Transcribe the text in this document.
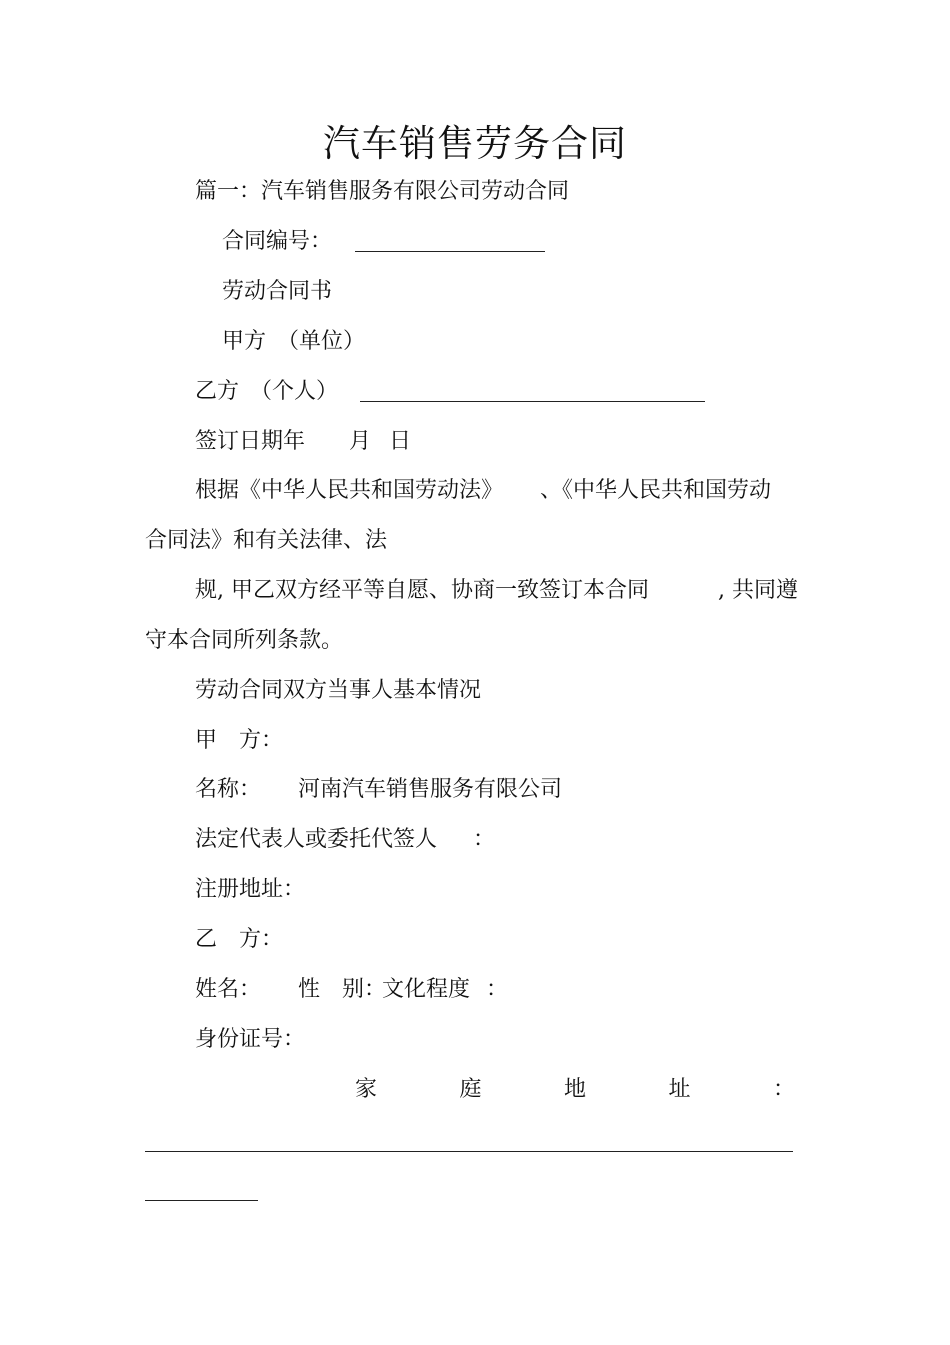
汽车销售劳务合同
篇一：汽车销售服务有限公司劳动合同
合同编号：
劳动合同书
甲方　（单位）
乙方　（个人）
签订日期年 月 日
根据《中华人民共和国劳动法》 、《中华人民共和国劳动
合同法》和有关法律、法
规, 甲乙双方经平等自愿、协商一致签订本合同	, 共同遵
守本合同所列条款。
劳动合同双方当事人基本情况
甲　方：
名称： 河南汽车销售服务有限公司
法定代表人或委托代签人 ：
注册地址：
乙　方：
姓名： 性　别：
文化程度 ：
身份证号：
家	庭	地	址	：
